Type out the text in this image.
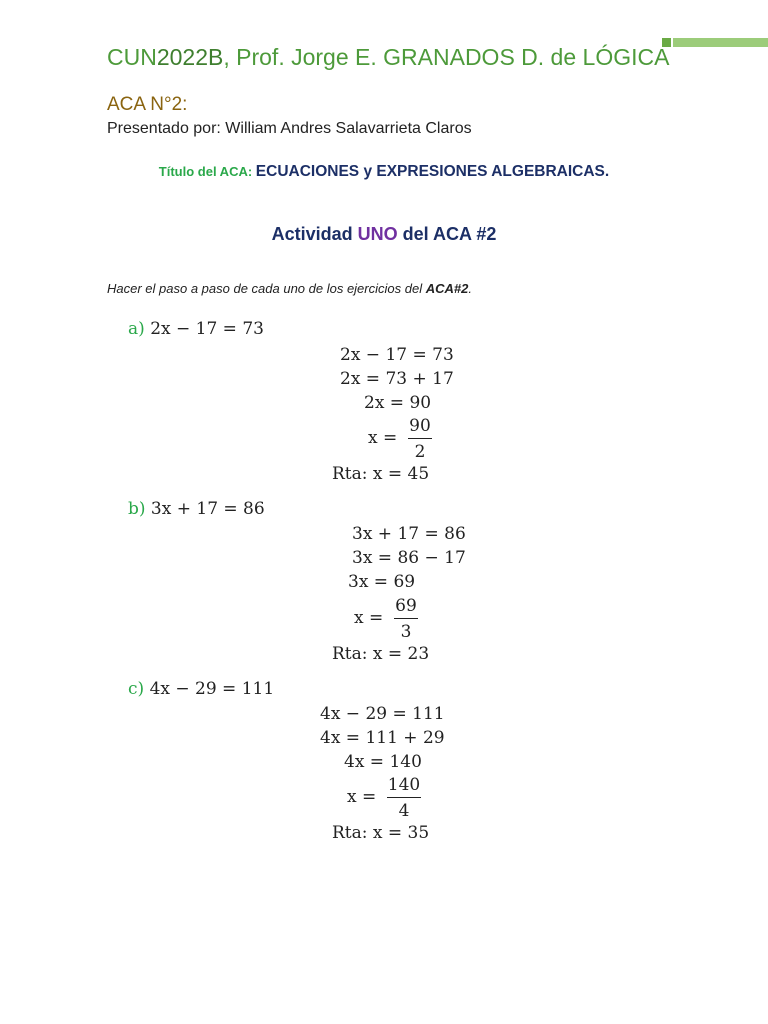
CUN2022B, Prof. Jorge E. GRANADOS D. de LÓGICA
ACA N°2:
Presentado por: William Andres Salavarrieta Claros
Título del ACA: ECUACIONES y EXPRESIONES ALGEBRAICAS.
Actividad UNO del ACA #2
Hacer el paso a paso de cada uno de los ejercicios del ACA#2.
a) 2x − 17 = 73
2x − 17 = 73
2x = 73 + 17
2x = 90
x =
90
2
Rta: x = 45
b) 3x + 17 = 86
3x + 17 = 86
3x = 86 − 17
3x = 69
x =
69
3
Rta: x = 23
c) 4x − 29 = 111
4x − 29 = 111
4x = 111 + 29
4x = 140
x =
140
4
Rta: x = 35
